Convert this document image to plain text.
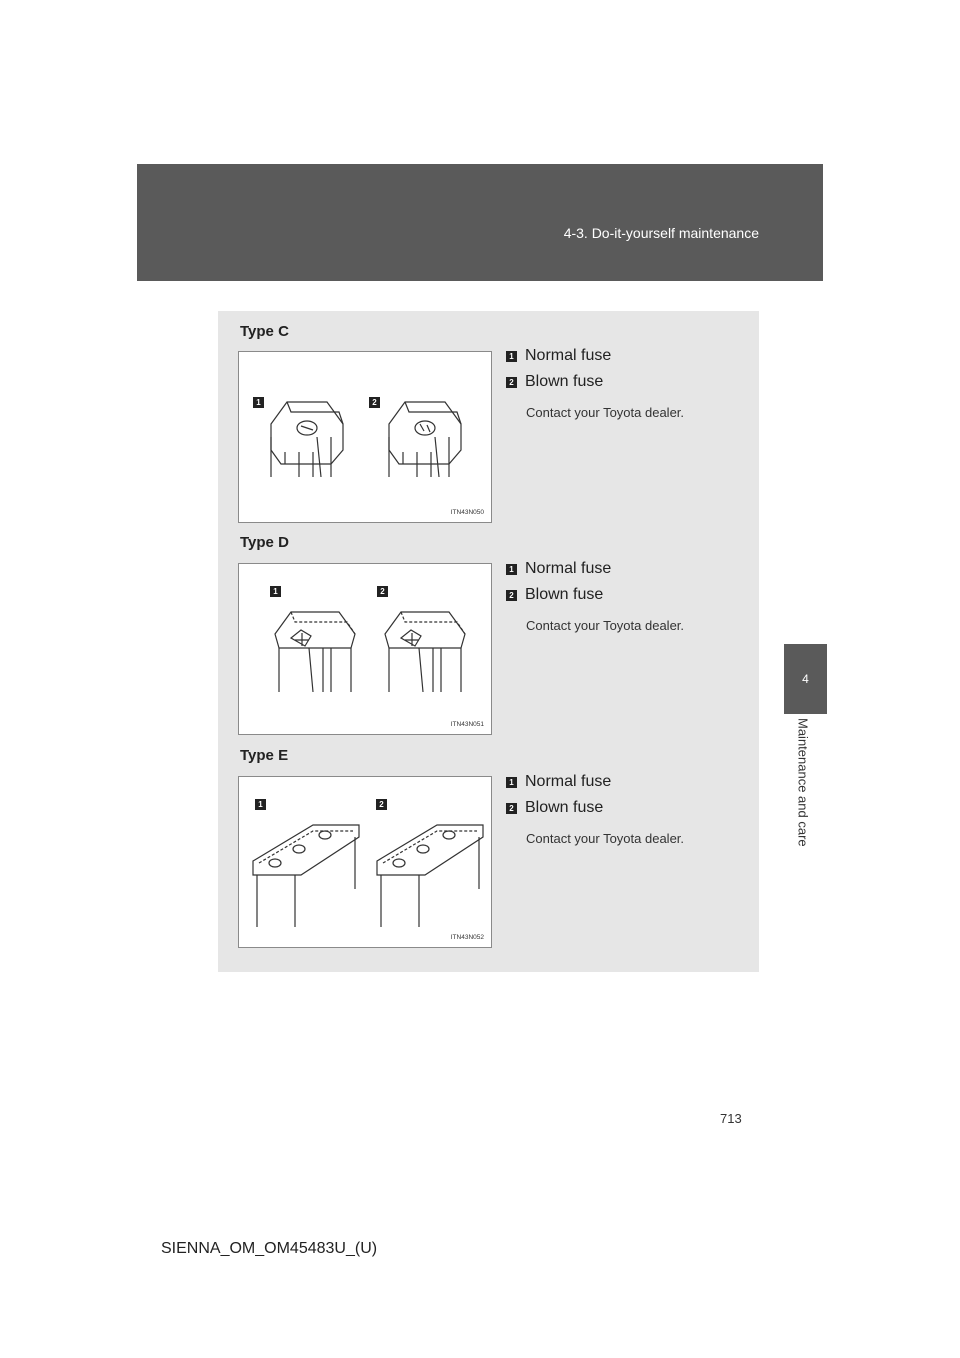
4-3. Do-it-yourself maintenance
4
Maintenance and care
Type C
1	2
ITN43N050
1 Normal fuse
2 Blown fuse
Contact your Toyota dealer.
Type D
1	2
ITN43N051
1 Normal fuse
2 Blown fuse
Contact your Toyota dealer.
Type E
1	2
ITN43N052
1 Normal fuse
2 Blown fuse
Contact your Toyota dealer.
713
SIENNA_OM_OM45483U_(U)
